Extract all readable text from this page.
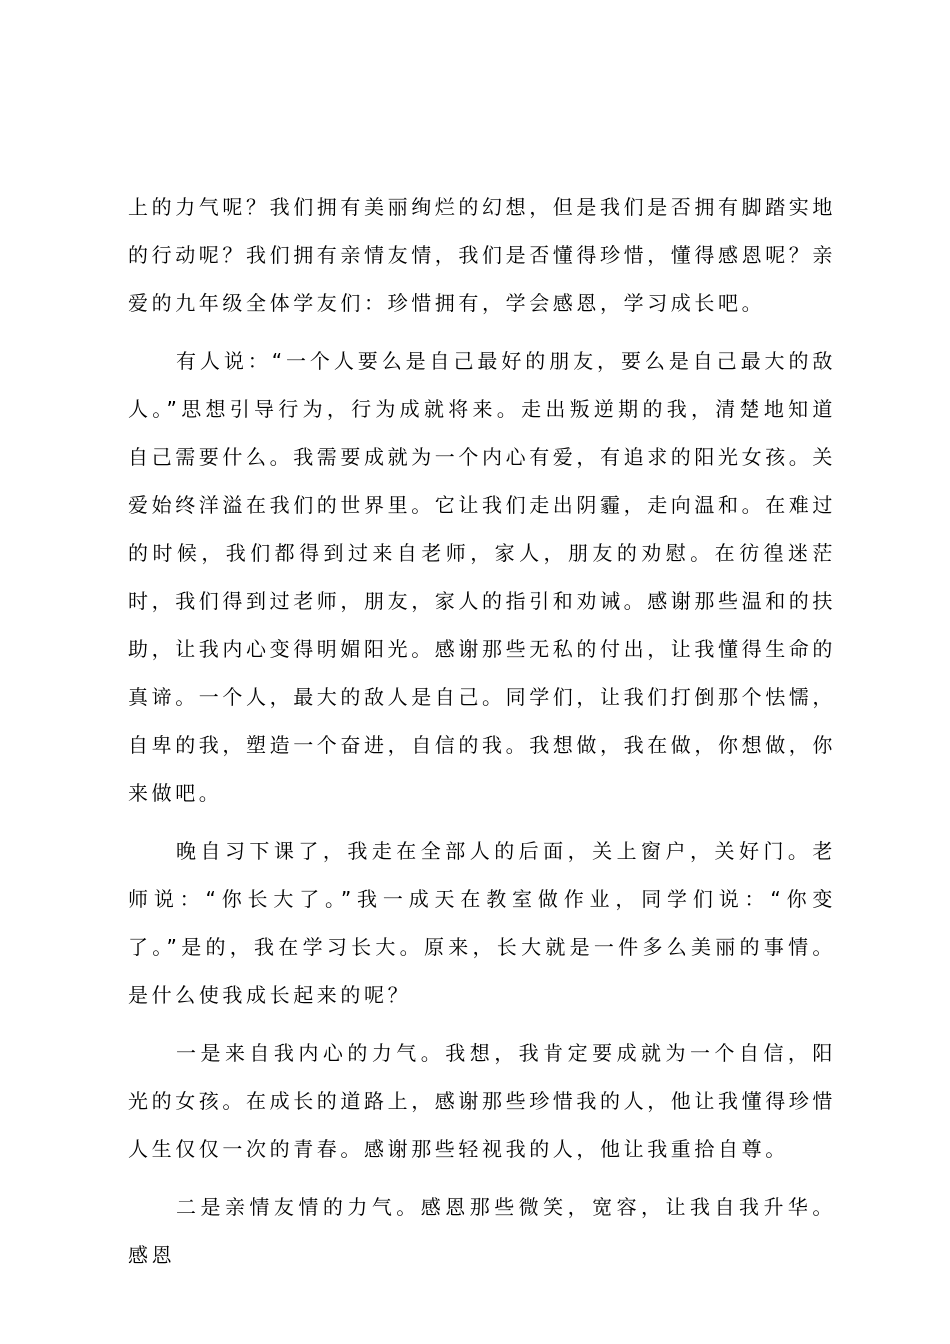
上的力气呢？我们拥有美丽绚烂的幻想，但是我们是否拥有脚踏实地的行动呢？我们拥有亲情友情，我们是否懂得珍惜，懂得感恩呢？亲爱的九年级全体学友们：珍惜拥有，学会感恩，学习成长吧。

有人说：“一个人要么是自己最好的朋友，要么是自己最大的敌人。”思想引导行为，行为成就将来。走出叛逆期的我，清楚地知道自己需要什么。我需要成就为一个内心有爱，有追求的阳光女孩。关爱始终洋溢在我们的世界里。它让我们走出阴霾，走向温和。在难过的时候，我们都得到过来自老师，家人，朋友的劝慰。在彷徨迷茫时，我们得到过老师，朋友，家人的指引和劝诫。感谢那些温和的扶助，让我内心变得明媚阳光。感谢那些无私的付出，让我懂得生命的真谛。一个人，最大的敌人是自己。同学们，让我们打倒那个怯懦，自卑的我，塑造一个奋进，自信的我。我想做，我在做，你想做，你来做吧。

晚自习下课了，我走在全部人的后面，关上窗户，关好门。老师说：“你长大了。”我一成天在教室做作业，同学们说：“你变了。”是的，我在学习长大。原来，长大就是一件多么美丽的事情。是什么使我成长起来的呢？

一是来自我内心的力气。我想，我肯定要成就为一个自信，阳光的女孩。在成长的道路上，感谢那些珍惜我的人，他让我懂得珍惜人生仅仅一次的青春。感谢那些轻视我的人，他让我重拾自尊。

二是亲情友情的力气。感恩那些微笑，宽容，让我自我升华。感恩
